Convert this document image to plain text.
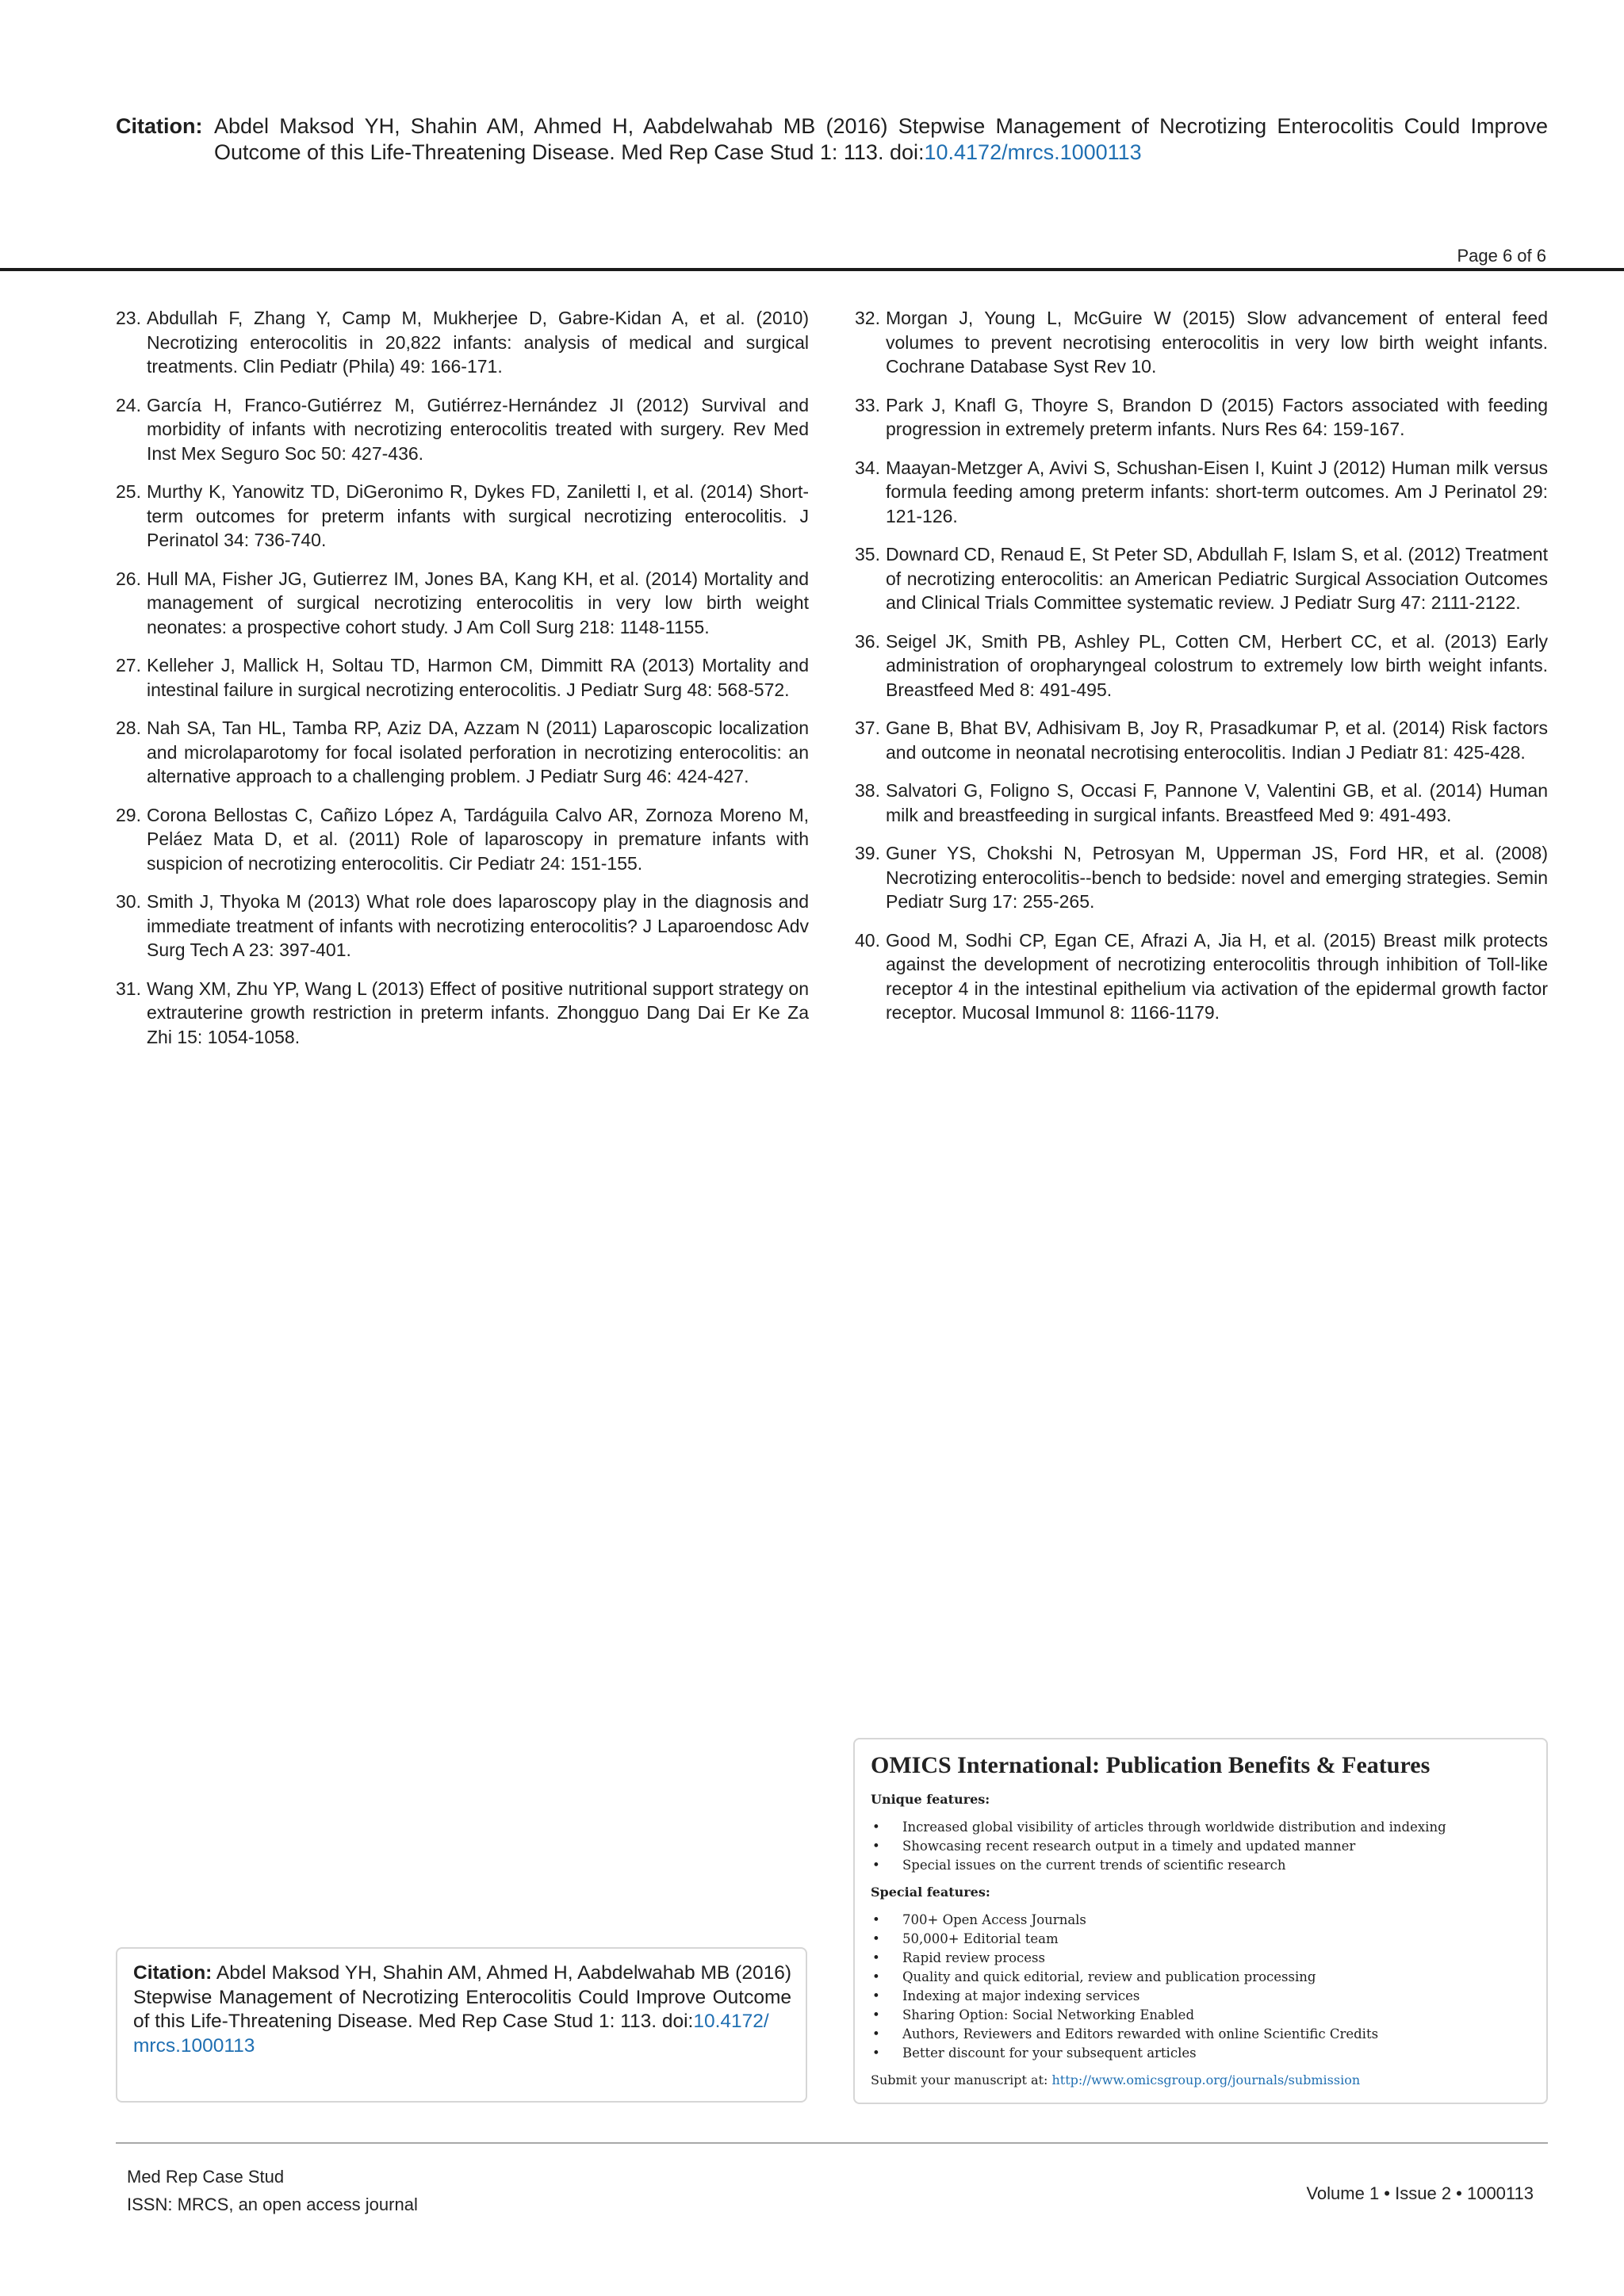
Citation: Abdel Maksod YH, Shahin AM, Ahmed H, Aabdelwahab MB (2016) Stepwise Management of Necrotizing Enterocolitis Could Improve Outcome of this Life-Threatening Disease. Med Rep Case Stud 1: 113. doi:10.4172/mrcs.1000113
Page 6 of 6
23. Abdullah F, Zhang Y, Camp M, Mukherjee D, Gabre-Kidan A, et al. (2010) Necrotizing enterocolitis in 20,822 infants: analysis of medical and surgical treatments. Clin Pediatr (Phila) 49: 166-171.
24. García H, Franco-Gutiérrez M, Gutiérrez-Hernández JI (2012) Survival and morbidity of infants with necrotizing enterocolitis treated with surgery. Rev Med Inst Mex Seguro Soc 50: 427-436.
25. Murthy K, Yanowitz TD, DiGeronimo R, Dykes FD, Zaniletti I, et al. (2014) Short-term outcomes for preterm infants with surgical necrotizing enterocolitis. J Perinatol 34: 736-740.
26. Hull MA, Fisher JG, Gutierrez IM, Jones BA, Kang KH, et al. (2014) Mortality and management of surgical necrotizing enterocolitis in very low birth weight neonates: a prospective cohort study. J Am Coll Surg 218: 1148-1155.
27. Kelleher J, Mallick H, Soltau TD, Harmon CM, Dimmitt RA (2013) Mortality and intestinal failure in surgical necrotizing enterocolitis. J Pediatr Surg 48: 568-572.
28. Nah SA, Tan HL, Tamba RP, Aziz DA, Azzam N (2011) Laparoscopic localization and microlaparotomy for focal isolated perforation in necrotizing enterocolitis: an alternative approach to a challenging problem. J Pediatr Surg 46: 424-427.
29. Corona Bellostas C, Cañizo López A, Tardáguila Calvo AR, Zornoza Moreno M, Peláez Mata D, et al. (2011) Role of laparoscopy in premature infants with suspicion of necrotizing enterocolitis. Cir Pediatr 24: 151-155.
30. Smith J, Thyoka M (2013) What role does laparoscopy play in the diagnosis and immediate treatment of infants with necrotizing enterocolitis? J Laparoendosc Adv Surg Tech A 23: 397-401.
31. Wang XM, Zhu YP, Wang L (2013) Effect of positive nutritional support strategy on extrauterine growth restriction in preterm infants. Zhongguo Dang Dai Er Ke Za Zhi 15: 1054-1058.
32. Morgan J, Young L, McGuire W (2015) Slow advancement of enteral feed volumes to prevent necrotising enterocolitis in very low birth weight infants. Cochrane Database Syst Rev 10.
33. Park J, Knafl G, Thoyre S, Brandon D (2015) Factors associated with feeding progression in extremely preterm infants. Nurs Res 64: 159-167.
34. Maayan-Metzger A, Avivi S, Schushan-Eisen I, Kuint J (2012) Human milk versus formula feeding among preterm infants: short-term outcomes. Am J Perinatol 29: 121-126.
35. Downard CD, Renaud E, St Peter SD, Abdullah F, Islam S, et al. (2012) Treatment of necrotizing enterocolitis: an American Pediatric Surgical Association Outcomes and Clinical Trials Committee systematic review. J Pediatr Surg 47: 2111-2122.
36. Seigel JK, Smith PB, Ashley PL, Cotten CM, Herbert CC, et al. (2013) Early administration of oropharyngeal colostrum to extremely low birth weight infants. Breastfeed Med 8: 491-495.
37. Gane B, Bhat BV, Adhisivam B, Joy R, Prasadkumar P, et al. (2014) Risk factors and outcome in neonatal necrotising enterocolitis. Indian J Pediatr 81: 425-428.
38. Salvatori G, Foligno S, Occasi F, Pannone V, Valentini GB, et al. (2014) Human milk and breastfeeding in surgical infants. Breastfeed Med 9: 491-493.
39. Guner YS, Chokshi N, Petrosyan M, Upperman JS, Ford HR, et al. (2008) Necrotizing enterocolitis--bench to bedside: novel and emerging strategies. Semin Pediatr Surg 17: 255-265.
40. Good M, Sodhi CP, Egan CE, Afrazi A, Jia H, et al. (2015) Breast milk protects against the development of necrotizing enterocolitis through inhibition of Toll-like receptor 4 in the intestinal epithelium via activation of the epidermal growth factor receptor. Mucosal Immunol 8: 1166-1179.
Citation: Abdel Maksod YH, Shahin AM, Ahmed H, Aabdelwahab MB (2016) Stepwise Management of Necrotizing Enterocolitis Could Improve Outcome of this Life-Threatening Disease. Med Rep Case Stud 1: 113. doi:10.4172/
mrcs.1000113
OMICS International: Publication Benefits & Features
Unique features:
• Increased global visibility of articles through worldwide distribution and indexing
• Showcasing recent research output in a timely and updated manner
• Special issues on the current trends of scientific research
Special features:
• 700+ Open Access Journals
• 50,000+ Editorial team
• Rapid review process
• Quality and quick editorial, review and publication processing
• Indexing at major indexing services
• Sharing Option: Social Networking Enabled
• Authors, Reviewers and Editors rewarded with online Scientific Credits
• Better discount for your subsequent articles
Submit your manuscript at: http://www.omicsgroup.org/journals/submission
Med Rep Case Stud
ISSN: MRCS, an open access journal
Volume 1 • Issue 2 • 1000113
